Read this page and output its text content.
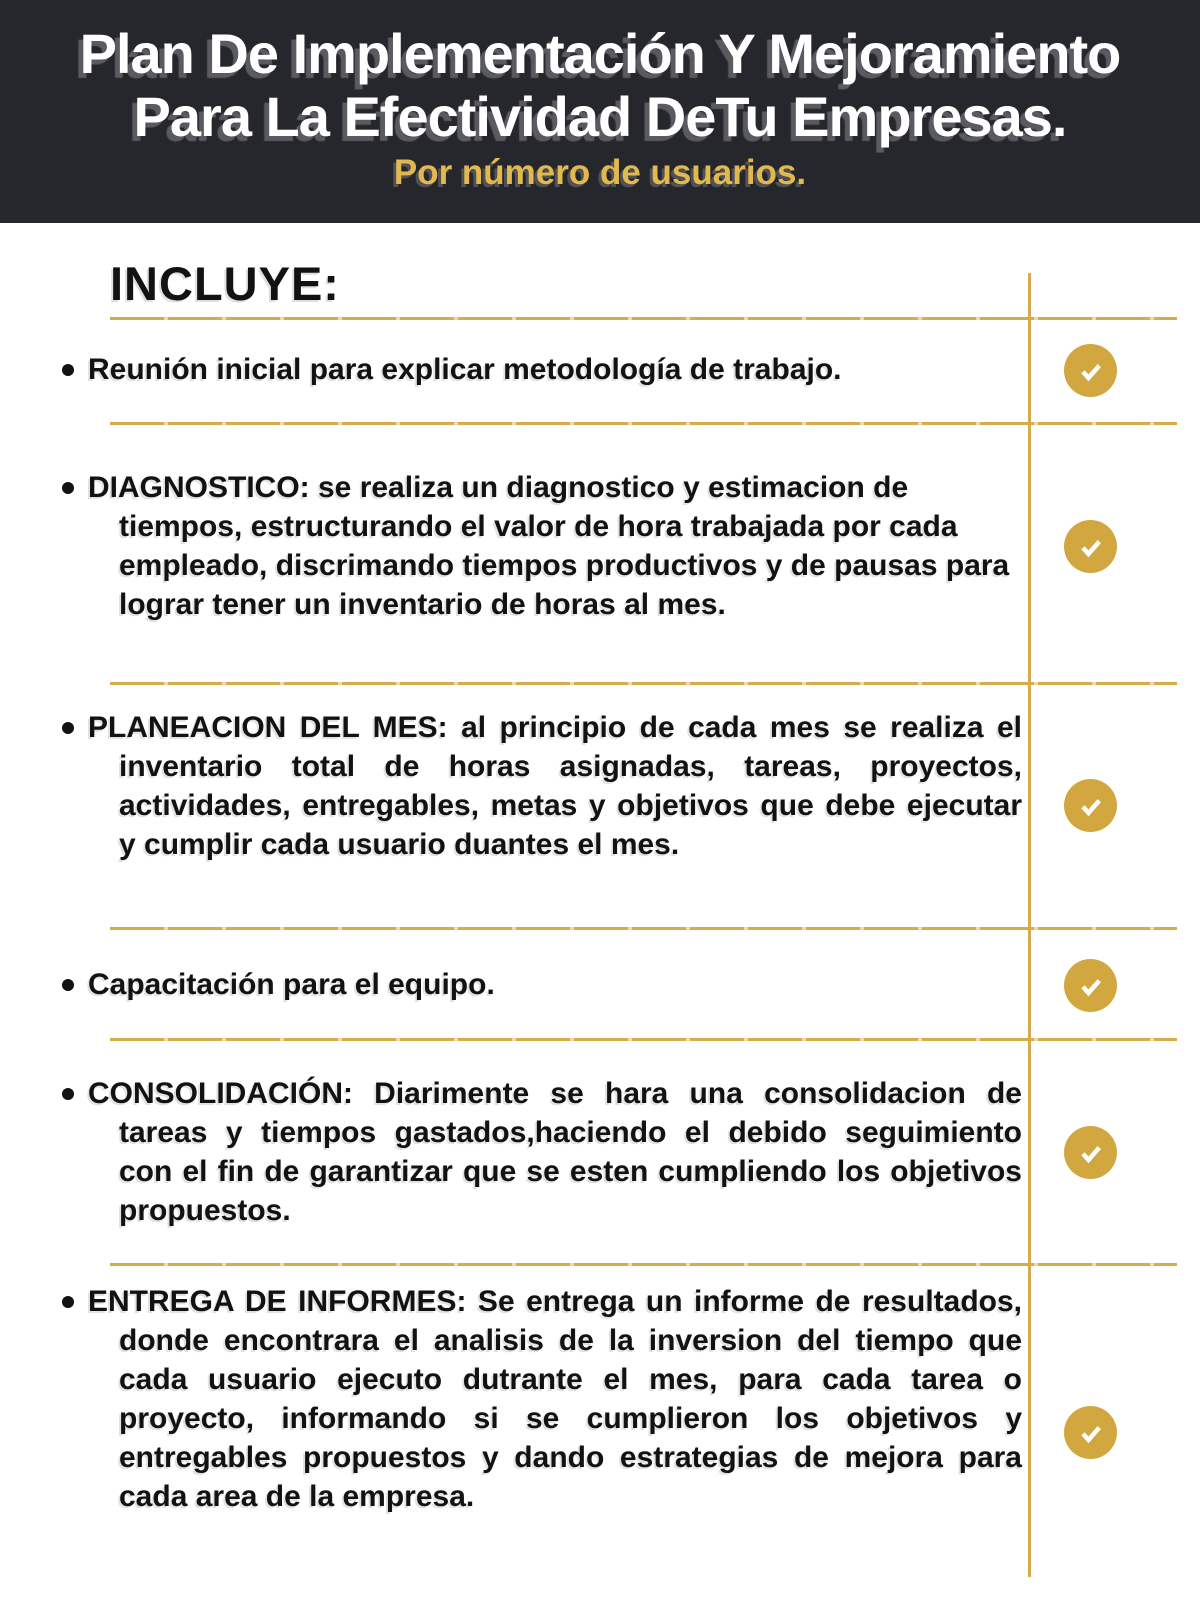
Plan De Implementación Y Mejoramiento
Para La Efectividad DeTu Empresas.
Por número de usuarios.
INCLUYE:
Reunión inicial para explicar metodología de trabajo.
DIAGNOSTICO: se realiza un diagnostico y estimacion de tiempos, estructurando el valor de hora trabajada por cada empleado, discrimando tiempos productivos y de pausas para lograr tener un inventario de horas al mes.
PLANEACION DEL MES: al principio de cada mes se realiza el inventario total de horas asignadas, tareas, proyectos, actividades, entregables, metas y objetivos que debe ejecutar y cumplir cada usuario duantes el mes.
Capacitación para el equipo.
CONSOLIDACIÓN: Diarimente se hara una consolidacion de tareas y tiempos gastados,haciendo el debido seguimiento con el fin de garantizar que se esten cumpliendo los objetivos propuestos.
ENTREGA DE INFORMES: Se entrega un informe de resultados, donde encontrara el analisis de la inversion del tiempo que cada usuario ejecuto dutrante el mes, para cada tarea o proyecto, informando si se cumplieron los objetivos y entregables propuestos y dando estrategias de mejora para cada area de la empresa.
